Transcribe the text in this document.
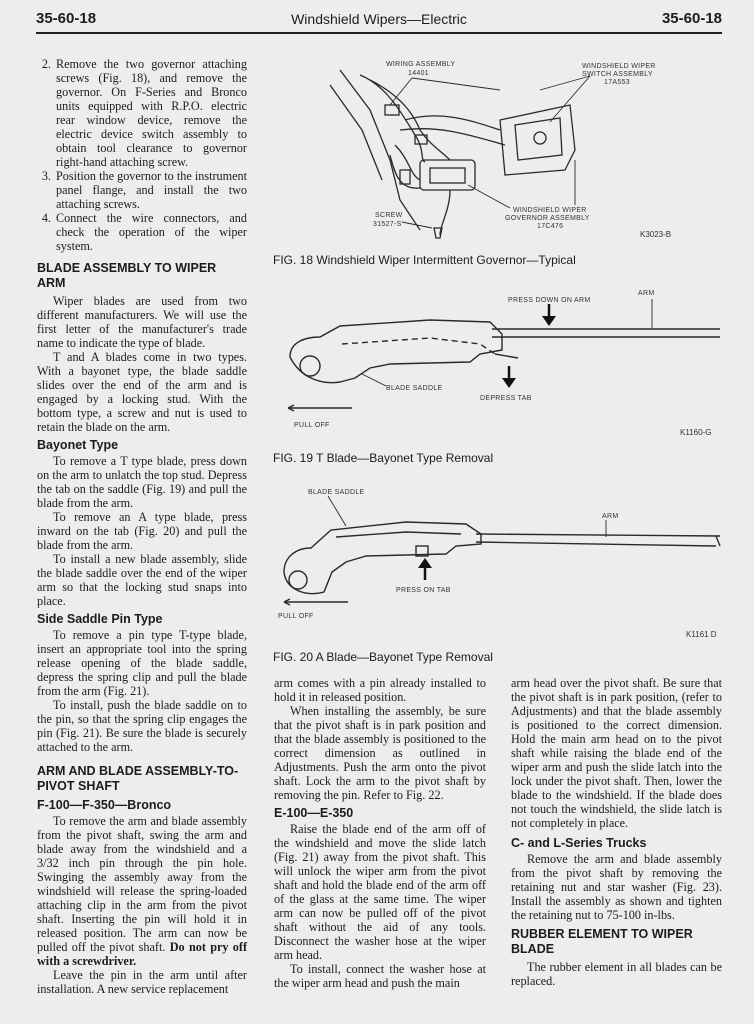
35-60-18	Windshield Wipers—Electric	35-60-18
2. Remove the two governor attaching screws (Fig. 18), and remove the governor. On F-Series and Bronco units equipped with R.P.O. electric rear window device, remove the electric device switch assembly to obtain tool clearance to governor right-hand attaching screw.
3. Position the governor to the instrument panel flange, and install the two attaching screws.
4. Connect the wire connectors, and check the operation of the wiper system.
BLADE ASSEMBLY TO WIPER ARM

Wiper blades are used from two different manufacturers. We will use the first letter of the manufacturer's trade name to indicate the type of blade.

T and A blades come in two types. With a bayonet type, the blade saddle slides over the end of the arm and is engaged by a locking stud. With the bottom type, a screw and nut is used to retain the blade on the arm.

Bayonet Type

To remove a T type blade, press down on the arm to unlatch the top stud. Depress the tab on the saddle (Fig. 19) and pull the blade from the arm.

To remove an A type blade, press inward on the tab (Fig. 20) and pull the blade from the arm.

To install a new blade assembly, slide the blade saddle over the end of the wiper arm so that the locking stud snaps into place.

Side Saddle Pin Type

To remove a pin type T-type blade, insert an appropriate tool into the spring release opening of the blade saddle, depress the spring clip and pull the blade from the arm (Fig. 21).

To install, push the blade saddle on to the pin, so that the spring clip engages the pin (Fig. 21). Be sure the blade is securely attached to the arm.

ARM AND BLADE ASSEMBLY-TO-PIVOT SHAFT
F-100—F-350—Bronco

To remove the arm and blade assembly from the pivot shaft, swing the arm and blade away from the windshield and a 3/32 inch pin through the pin hole. Swinging the assembly away from the windshield will release the spring-loaded attaching clip in the arm from the pivot shaft. Inserting the pin will hold it in released position. The arm can now be pulled off the pivot shaft. Do not pry off with a screwdriver.

Leave the pin in the arm until after installation. A new service replacement

arm comes with a pin already installed to hold it in released position.

When installing the assembly, be sure that the pivot shaft is in park position and that the blade assembly is positioned to the correct dimension as outlined in Adjustments. Push the arm onto the pivot shaft. Lock the arm to the pivot shaft by removing the pin. Refer to Fig. 22.

E-100—E-350

Raise the blade end of the arm off of the windshield and move the slide latch (Fig. 21) away from the pivot shaft. This will unlock the wiper arm from the pivot shaft and hold the blade end of the arm off of the glass at the same time. The wiper arm can now be pulled off of the pivot shaft without the aid of any tools. Disconnect the washer hose at the wiper arm head.

To install, connect the washer hose at the wiper arm head and push the main

arm head over the pivot shaft. Be sure that the pivot shaft is in park position, (refer to Adjustments) and that the blade assembly is positioned to the correct dimension. Hold the main arm head on to the pivot shaft while raising the blade end of the wiper arm and push the slide latch into the lock under the pivot shaft. Then, lower the blade to the windshield. If the blade does not touch the windshield, the slide latch is not completely in place.

C- and L-Series Trucks

Remove the arm and blade assembly from the pivot shaft by removing the retaining nut and star washer (Fig. 23). Install the assembly as shown and tighten the retaining nut to 75-100 in-lbs.

RUBBER ELEMENT TO WIPER BLADE

The rubber element in all blades can be replaced.

WIRING ASSEMBLY
14401
WINDSHIELD WIPER
SWITCH ASSEMBLY
17A553
SCREW
31527-S
WINDSHIELD WIPER
GOVERNOR ASSEMBLY
17C476
K3023-B
FIG. 18 Windshield Wiper Intermittent Governor—Typical
PRESS DOWN ON ARM
ARM
BLADE SADDLE
DEPRESS TAB
PULL OFF
K1160-G
FIG. 19 T Blade—Bayonet Type Removal
BLADE SADDLE
ARM
PRESS ON TAB
PULL OFF
K1161 D
FIG. 20 A Blade—Bayonet Type Removal
